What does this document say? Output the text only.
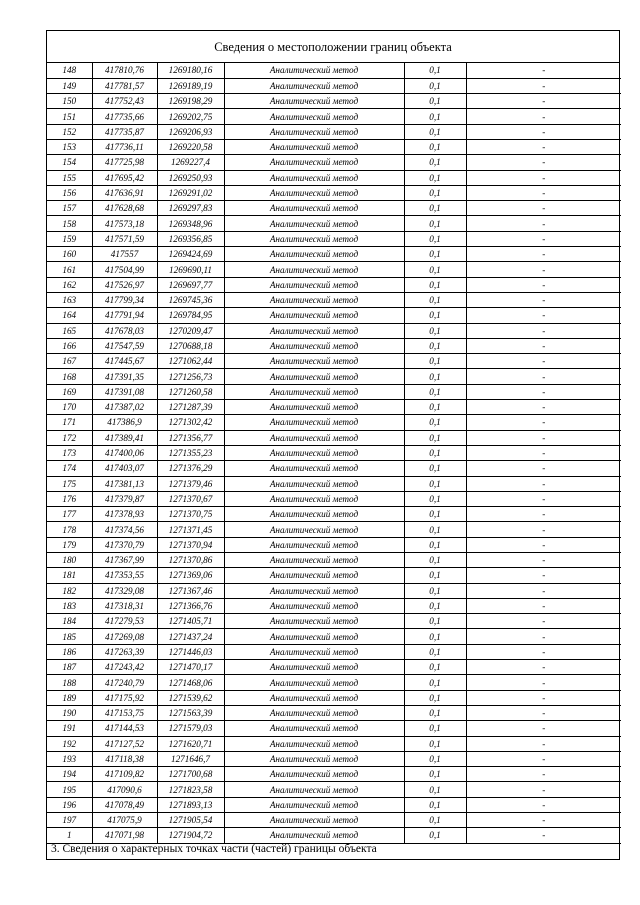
Сведения о местоположении границ объекта
148	417810,76	1269180,16	Аналитический метод	0,1	-
149	417781,57	1269189,19	Аналитический метод	0,1	-
150	417752,43	1269198,29	Аналитический метод	0,1	-
151	417735,66	1269202,75	Аналитический метод	0,1	-
152	417735,87	1269206,93	Аналитический метод	0,1	-
153	417736,11	1269220,58	Аналитический метод	0,1	-
154	417725,98	1269227,4	Аналитический метод	0,1	-
155	417695,42	1269250,93	Аналитический метод	0,1	-
156	417636,91	1269291,02	Аналитический метод	0,1	-
157	417628,68	1269297,83	Аналитический метод	0,1	-
158	417573,18	1269348,96	Аналитический метод	0,1	-
159	417571,59	1269356,85	Аналитический метод	0,1	-
160	417557	1269424,69	Аналитический метод	0,1	-
161	417504,99	1269690,11	Аналитический метод	0,1	-
162	417526,97	1269697,77	Аналитический метод	0,1	-
163	417799,34	1269745,36	Аналитический метод	0,1	-
164	417791,94	1269784,95	Аналитический метод	0,1	-
165	417678,03	1270209,47	Аналитический метод	0,1	-
166	417547,59	1270688,18	Аналитический метод	0,1	-
167	417445,67	1271062,44	Аналитический метод	0,1	-
168	417391,35	1271256,73	Аналитический метод	0,1	-
169	417391,08	1271260,58	Аналитический метод	0,1	-
170	417387,02	1271287,39	Аналитический метод	0,1	-
171	417386,9	1271302,42	Аналитический метод	0,1	-
172	417389,41	1271356,77	Аналитический метод	0,1	-
173	417400,06	1271355,23	Аналитический метод	0,1	-
174	417403,07	1271376,29	Аналитический метод	0,1	-
175	417381,13	1271379,46	Аналитический метод	0,1	-
176	417379,87	1271370,67	Аналитический метод	0,1	-
177	417378,93	1271370,75	Аналитический метод	0,1	-
178	417374,56	1271371,45	Аналитический метод	0,1	-
179	417370,79	1271370,94	Аналитический метод	0,1	-
180	417367,99	1271370,86	Аналитический метод	0,1	-
181	417353,55	1271369,06	Аналитический метод	0,1	-
182	417329,08	1271367,46	Аналитический метод	0,1	-
183	417318,31	1271366,76	Аналитический метод	0,1	-
184	417279,53	1271405,71	Аналитический метод	0,1	-
185	417269,08	1271437,24	Аналитический метод	0,1	-
186	417263,39	1271446,03	Аналитический метод	0,1	-
187	417243,42	1271470,17	Аналитический метод	0,1	-
188	417240,79	1271468,06	Аналитический метод	0,1	-
189	417175,92	1271539,62	Аналитический метод	0,1	-
190	417153,75	1271563,39	Аналитический метод	0,1	-
191	417144,53	1271579,03	Аналитический метод	0,1	-
192	417127,52	1271620,71	Аналитический метод	0,1	-
193	417118,38	1271646,7	Аналитический метод	0,1	-
194	417109,82	1271700,68	Аналитический метод	0,1	-
195	417090,6	1271823,58	Аналитический метод	0,1	-
196	417078,49	1271893,13	Аналитический метод	0,1	-
197	417075,9	1271905,54	Аналитический метод	0,1	-
1	417071,98	1271904,72	Аналитический метод	0,1	-
3. Сведения о характерных точках части (частей) границы объекта
